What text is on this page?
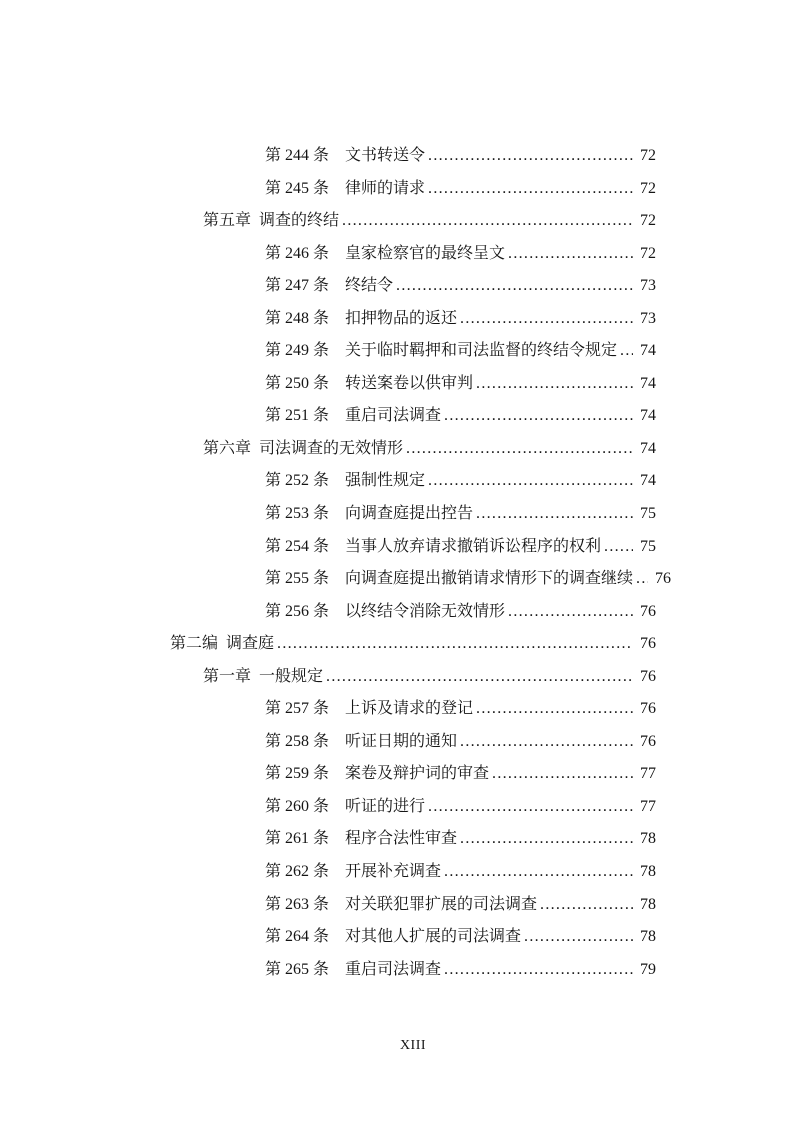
第 244 条　文书转送令 .....	72
第 245 条　律师的请求 .....	72
第五章  调查的终结 .....	72
第 246 条　皇家检察官的最终呈文 .....	72
第 247 条　终结令 .....	73
第 248 条　扣押物品的返还 .....	73
第 249 条　关于临时羁押和司法监督的终结令规定 .....	74
第 250 条　转送案卷以供审判 .....	74
第 251 条　重启司法调查 .....	74
第六章  司法调查的无效情形 .....	74
第 252 条　强制性规定 .....	74
第 253 条　向调查庭提出控告 .....	75
第 254 条　当事人放弃请求撤销诉讼程序的权利 .....	75
第 255 条　向调查庭提出撤销请求情形下的调查继续 .....	76
第 256 条　以终结令消除无效情形 .....	76
第二编  调查庭 .....	76
第一章  一般规定 .....	76
第 257 条　上诉及请求的登记 .....	76
第 258 条　听证日期的通知 .....	76
第 259 条　案卷及辩护词的审查 .....	77
第 260 条　听证的进行 .....	77
第 261 条　程序合法性审查 .....	78
第 262 条　开展补充调查 .....	78
第 263 条　对关联犯罪扩展的司法调查 .....	78
第 264 条　对其他人扩展的司法调查 .....	78
第 265 条　重启司法调查 .....	79
XIII
